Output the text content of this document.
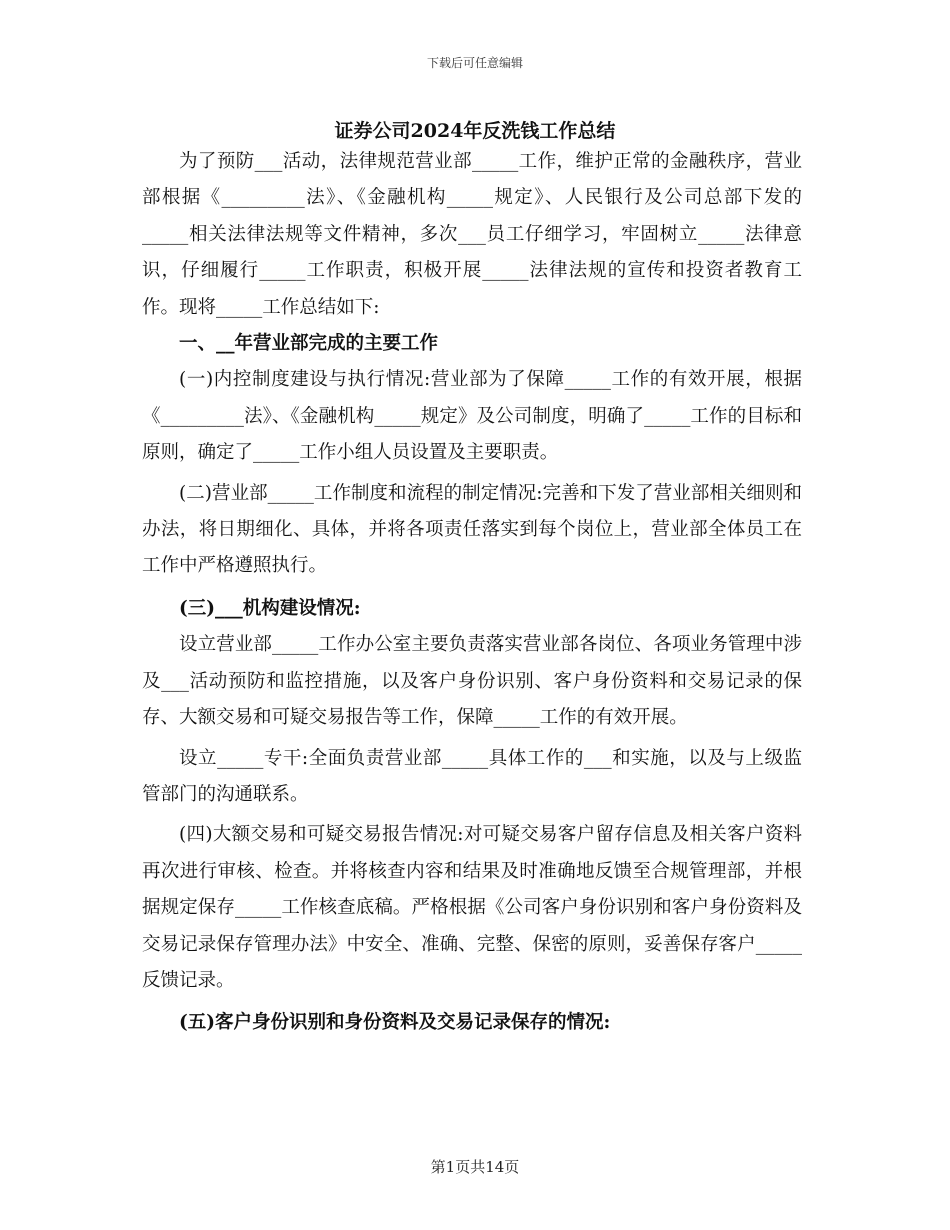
下载后可任意编辑
证券公司2024年反洗钱工作总结

为了预防___活动，法律规范营业部_____工作，维护正常的金融秩序，营业部根据《_________法》、《金融机构_____规定》、人民银行及公司总部下发的_____相关法律法规等文件精神，多次___员工仔细学习，牢固树立_____法律意识，仔细履行_____工作职责，积极开展_____法律法规的宣传和投资者教育工作。现将_____工作总结如下:

一、__年营业部完成的主要工作

(一)内控制度建设与执行情况:营业部为了保障_____工作的有效开展，根据《_________法》、《金融机构_____规定》及公司制度，明确了_____工作的目标和原则，确定了_____工作小组人员设置及主要职责。

(二)营业部_____工作制度和流程的制定情况:完善和下发了营业部相关细则和办法，将日期细化、具体，并将各项责任落实到每个岗位上，营业部全体员工在工作中严格遵照执行。

(三)___机构建设情况:

设立营业部_____工作办公室主要负责落实营业部各岗位、各项业务管理中涉及___活动预防和监控措施，以及客户身份识别、客户身份资料和交易记录的保存、大额交易和可疑交易报告等工作，保障_____工作的有效开展。

设立_____专干:全面负责营业部_____具体工作的___和实施，以及与上级监管部门的沟通联系。

(四)大额交易和可疑交易报告情况:对可疑交易客户留存信息及相关客户资料再次进行审核、检查。并将核查内容和结果及时准确地反馈至合规管理部，并根据规定保存_____工作核查底稿。严格根据《公司客户身份识别和客户身份资料及交易记录保存管理办法》中安全、准确、完整、保密的原则，妥善保存客户_____反馈记录。

(五)客户身份识别和身份资料及交易记录保存的情况:

第1页共14页
